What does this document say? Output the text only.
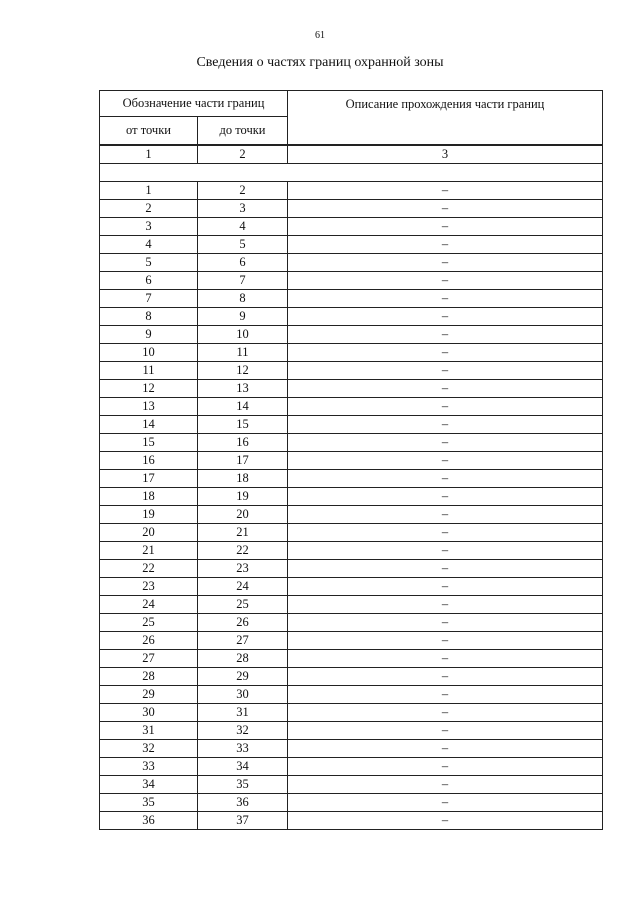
61
Сведения о частях границ охранной зоны
Обозначение части границ		Описание прохождения части границ
от точки	до точки	
1	2	3

1	2	–
2	3	–
3	4	–
4	5	–
5	6	–
6	7	–
7	8	–
8	9	–
9	10	–
10	11	–
11	12	–
12	13	–
13	14	–
14	15	–
15	16	–
16	17	–
17	18	–
18	19	–
19	20	–
20	21	–
21	22	–
22	23	–
23	24	–
24	25	–
25	26	–
26	27	–
27	28	–
28	29	–
29	30	–
30	31	–
31	32	–
32	33	–
33	34	–
34	35	–
35	36	–
36	37	–
